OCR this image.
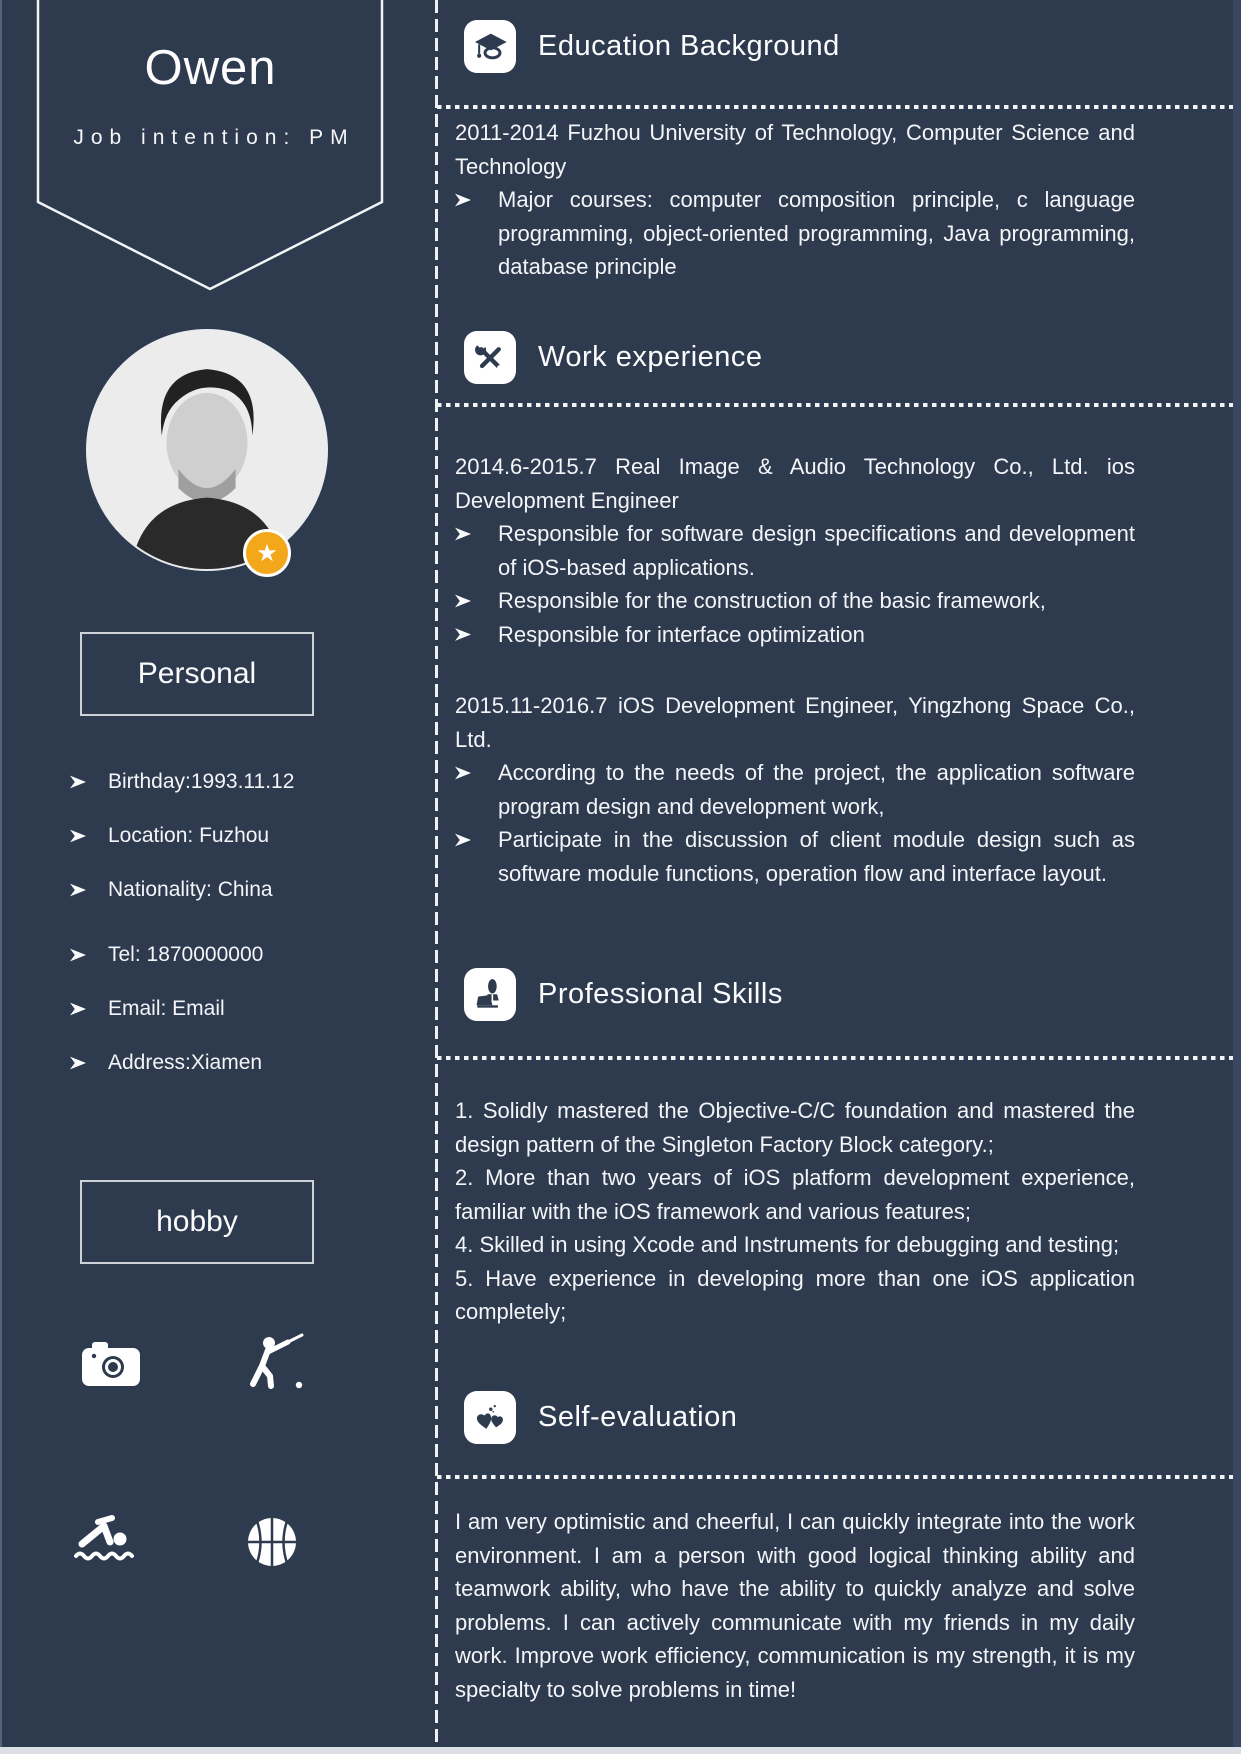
Owen
Job intention: PM
★
Personal
Birthday:1993.11.12
Location: Fuzhou
Nationality: China
Tel: 1870000000
Email: Email
Address:Xiamen
hobby
Education Background

2011-2014 Fuzhou University of Technology, Computer Science and Technology

Major courses: computer composition principle, c language programming, object-oriented programming, Java programming, database principle
Work experience

2014.6-2015.7 Real Image & Audio Technology Co., Ltd. ios Development Engineer

Responsible for software design specifications and development of iOS-based applications.
Responsible for the construction of the basic framework,
Responsible for interface optimization

2015.11-2016.7 iOS Development Engineer, Yingzhong Space Co., Ltd.

According to the needs of the project, the application software program design and development work,
Participate in the discussion of client module design such as software module functions, operation flow and interface layout.
Professional Skills

1. Solidly mastered the Objective-C/C foundation and mastered the design pattern of the Singleton Factory Block category.;

2. More than two years of iOS platform development experience, familiar with the iOS framework and various features;

4. Skilled in using Xcode and Instruments for debugging and testing;

5. Have experience in developing more than one iOS application completely;

Self-evaluation

I am very optimistic and cheerful, I can quickly integrate into the work environment. I am a person with good logical thinking ability and teamwork ability, who have the ability to quickly analyze and solve problems. I can actively communicate with my friends in my daily work. Improve work efficiency, communication is my strength, it is my specialty to solve problems in time!
